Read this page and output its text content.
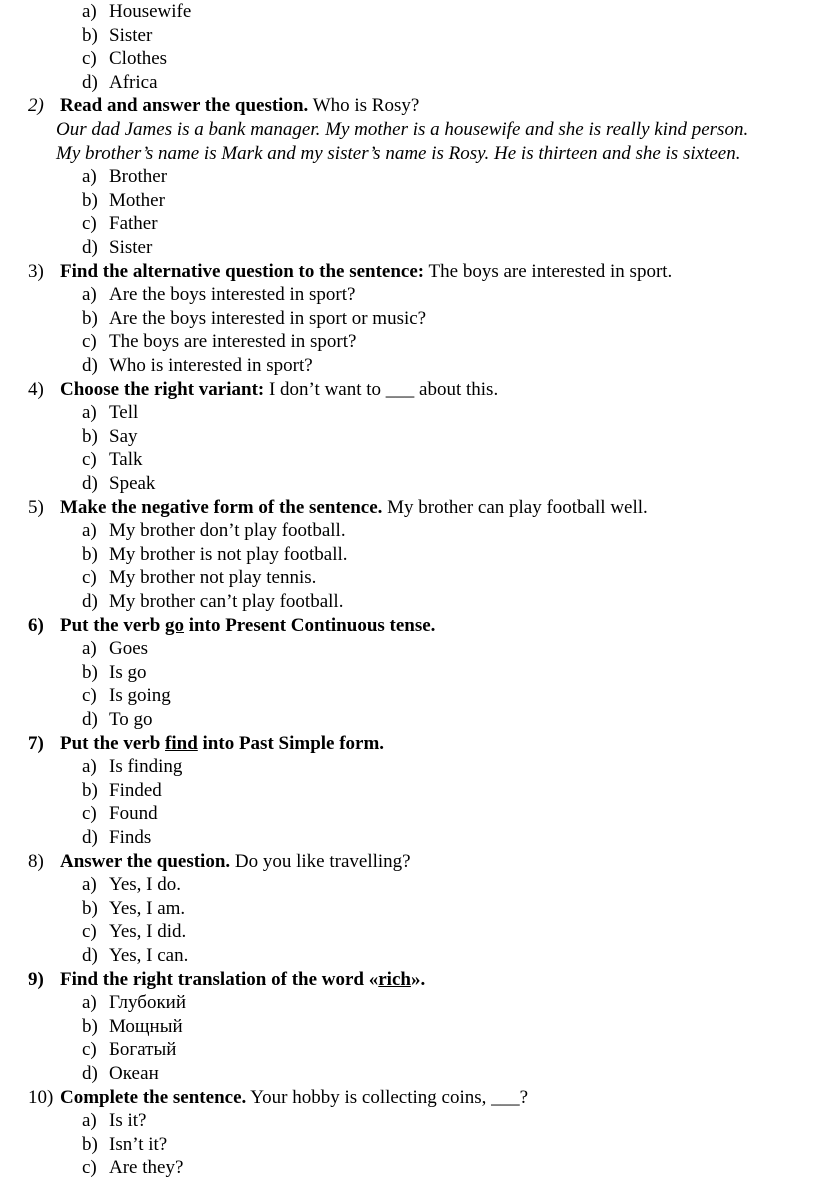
a) Housewife
b) Sister
c) Clothes
d) Africa
2) Read and answer the question. Who is Rosy?
Our dad James is a bank manager. My mother is a housewife and she is really kind person.
My brother’s name is Mark and my sister’s name is Rosy. He is thirteen and she is sixteen.
a) Brother
b) Mother
c) Father
d) Sister
3) Find the alternative question to the sentence: The boys are interested in sport.
a) Are the boys interested in sport?
b) Are the boys interested in sport or music?
c) The boys are interested in sport?
d) Who is interested in sport?
4) Choose the right variant: I don’t want to ___ about this.
a) Tell
b) Say
c) Talk
d) Speak
5) Make the negative form of the sentence. My brother can play football well.
a) My brother don’t play football.
b) My brother is not play football.
c) My brother not play tennis.
d) My brother can’t play football.
6) Put the verb go into Present Continuous tense.
a) Goes
b) Is go
c) Is going
d) To go
7) Put the verb find into Past Simple form.
a) Is finding
b) Finded
c) Found
d) Finds
8) Answer the question. Do you like travelling?
a) Yes, I do.
b) Yes, I am.
c) Yes, I did.
d) Yes, I can.
9) Find the right translation of the word «rich».
a) Глубокий
b) Мощный
c) Богатый
d) Океан
10) Complete the sentence. Your hobby is collecting coins, ___?
a) Is it?
b) Isn’t it?
c) Are they?
